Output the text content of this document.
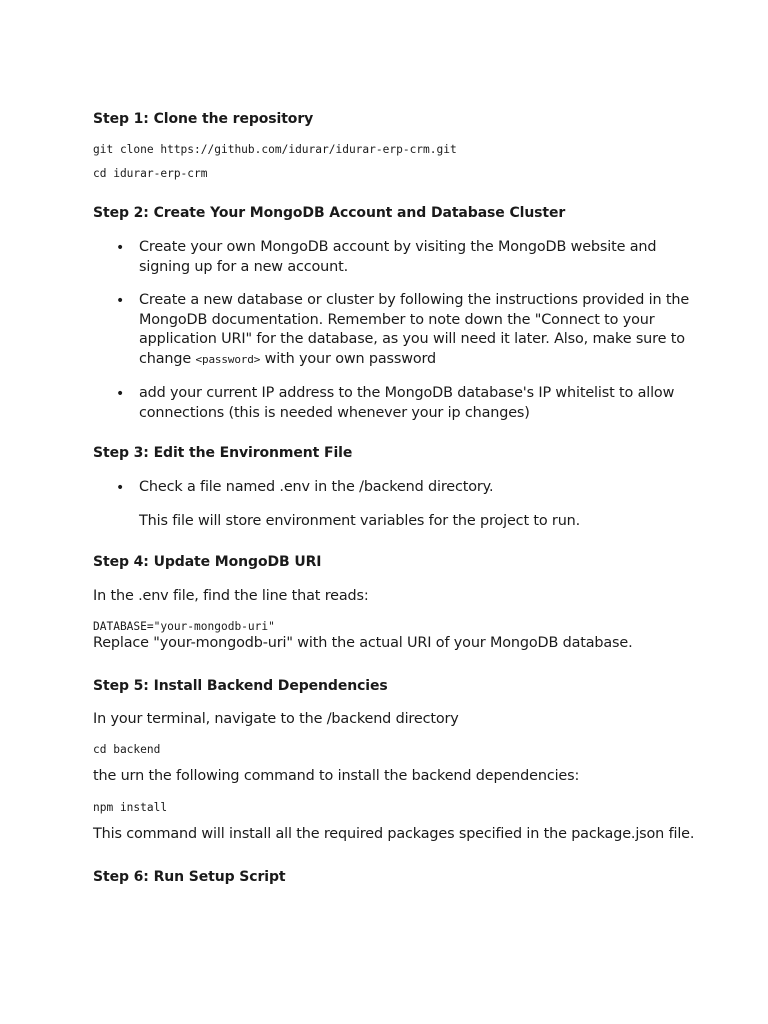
Step 1: Clone the repository
git clone https://github.com/idurar/idurar-erp-crm.git
cd idurar-erp-crm
Step 2: Create Your MongoDB Account and Database Cluster
• Create your own MongoDB account by visiting the MongoDB website and signing up for a new account.
• Create a new database or cluster by following the instructions provided in the MongoDB documentation. Remember to note down the "Connect to your application URI" for the database, as you will need it later. Also, make sure to change <password> with your own password
• add your current IP address to the MongoDB database's IP whitelist to allow connections (this is needed whenever your ip changes)
Step 3: Edit the Environment File
• Check a file named .env in the /backend directory.
This file will store environment variables for the project to run.
Step 4: Update MongoDB URI
In the .env file, find the line that reads:
DATABASE="your-mongodb-uri"
Replace "your-mongodb-uri" with the actual URI of your MongoDB database.
Step 5: Install Backend Dependencies
In your terminal, navigate to the /backend directory
cd backend
the urn the following command to install the backend dependencies:
npm install
This command will install all the required packages specified in the package.json file.
Step 6: Run Setup Script
